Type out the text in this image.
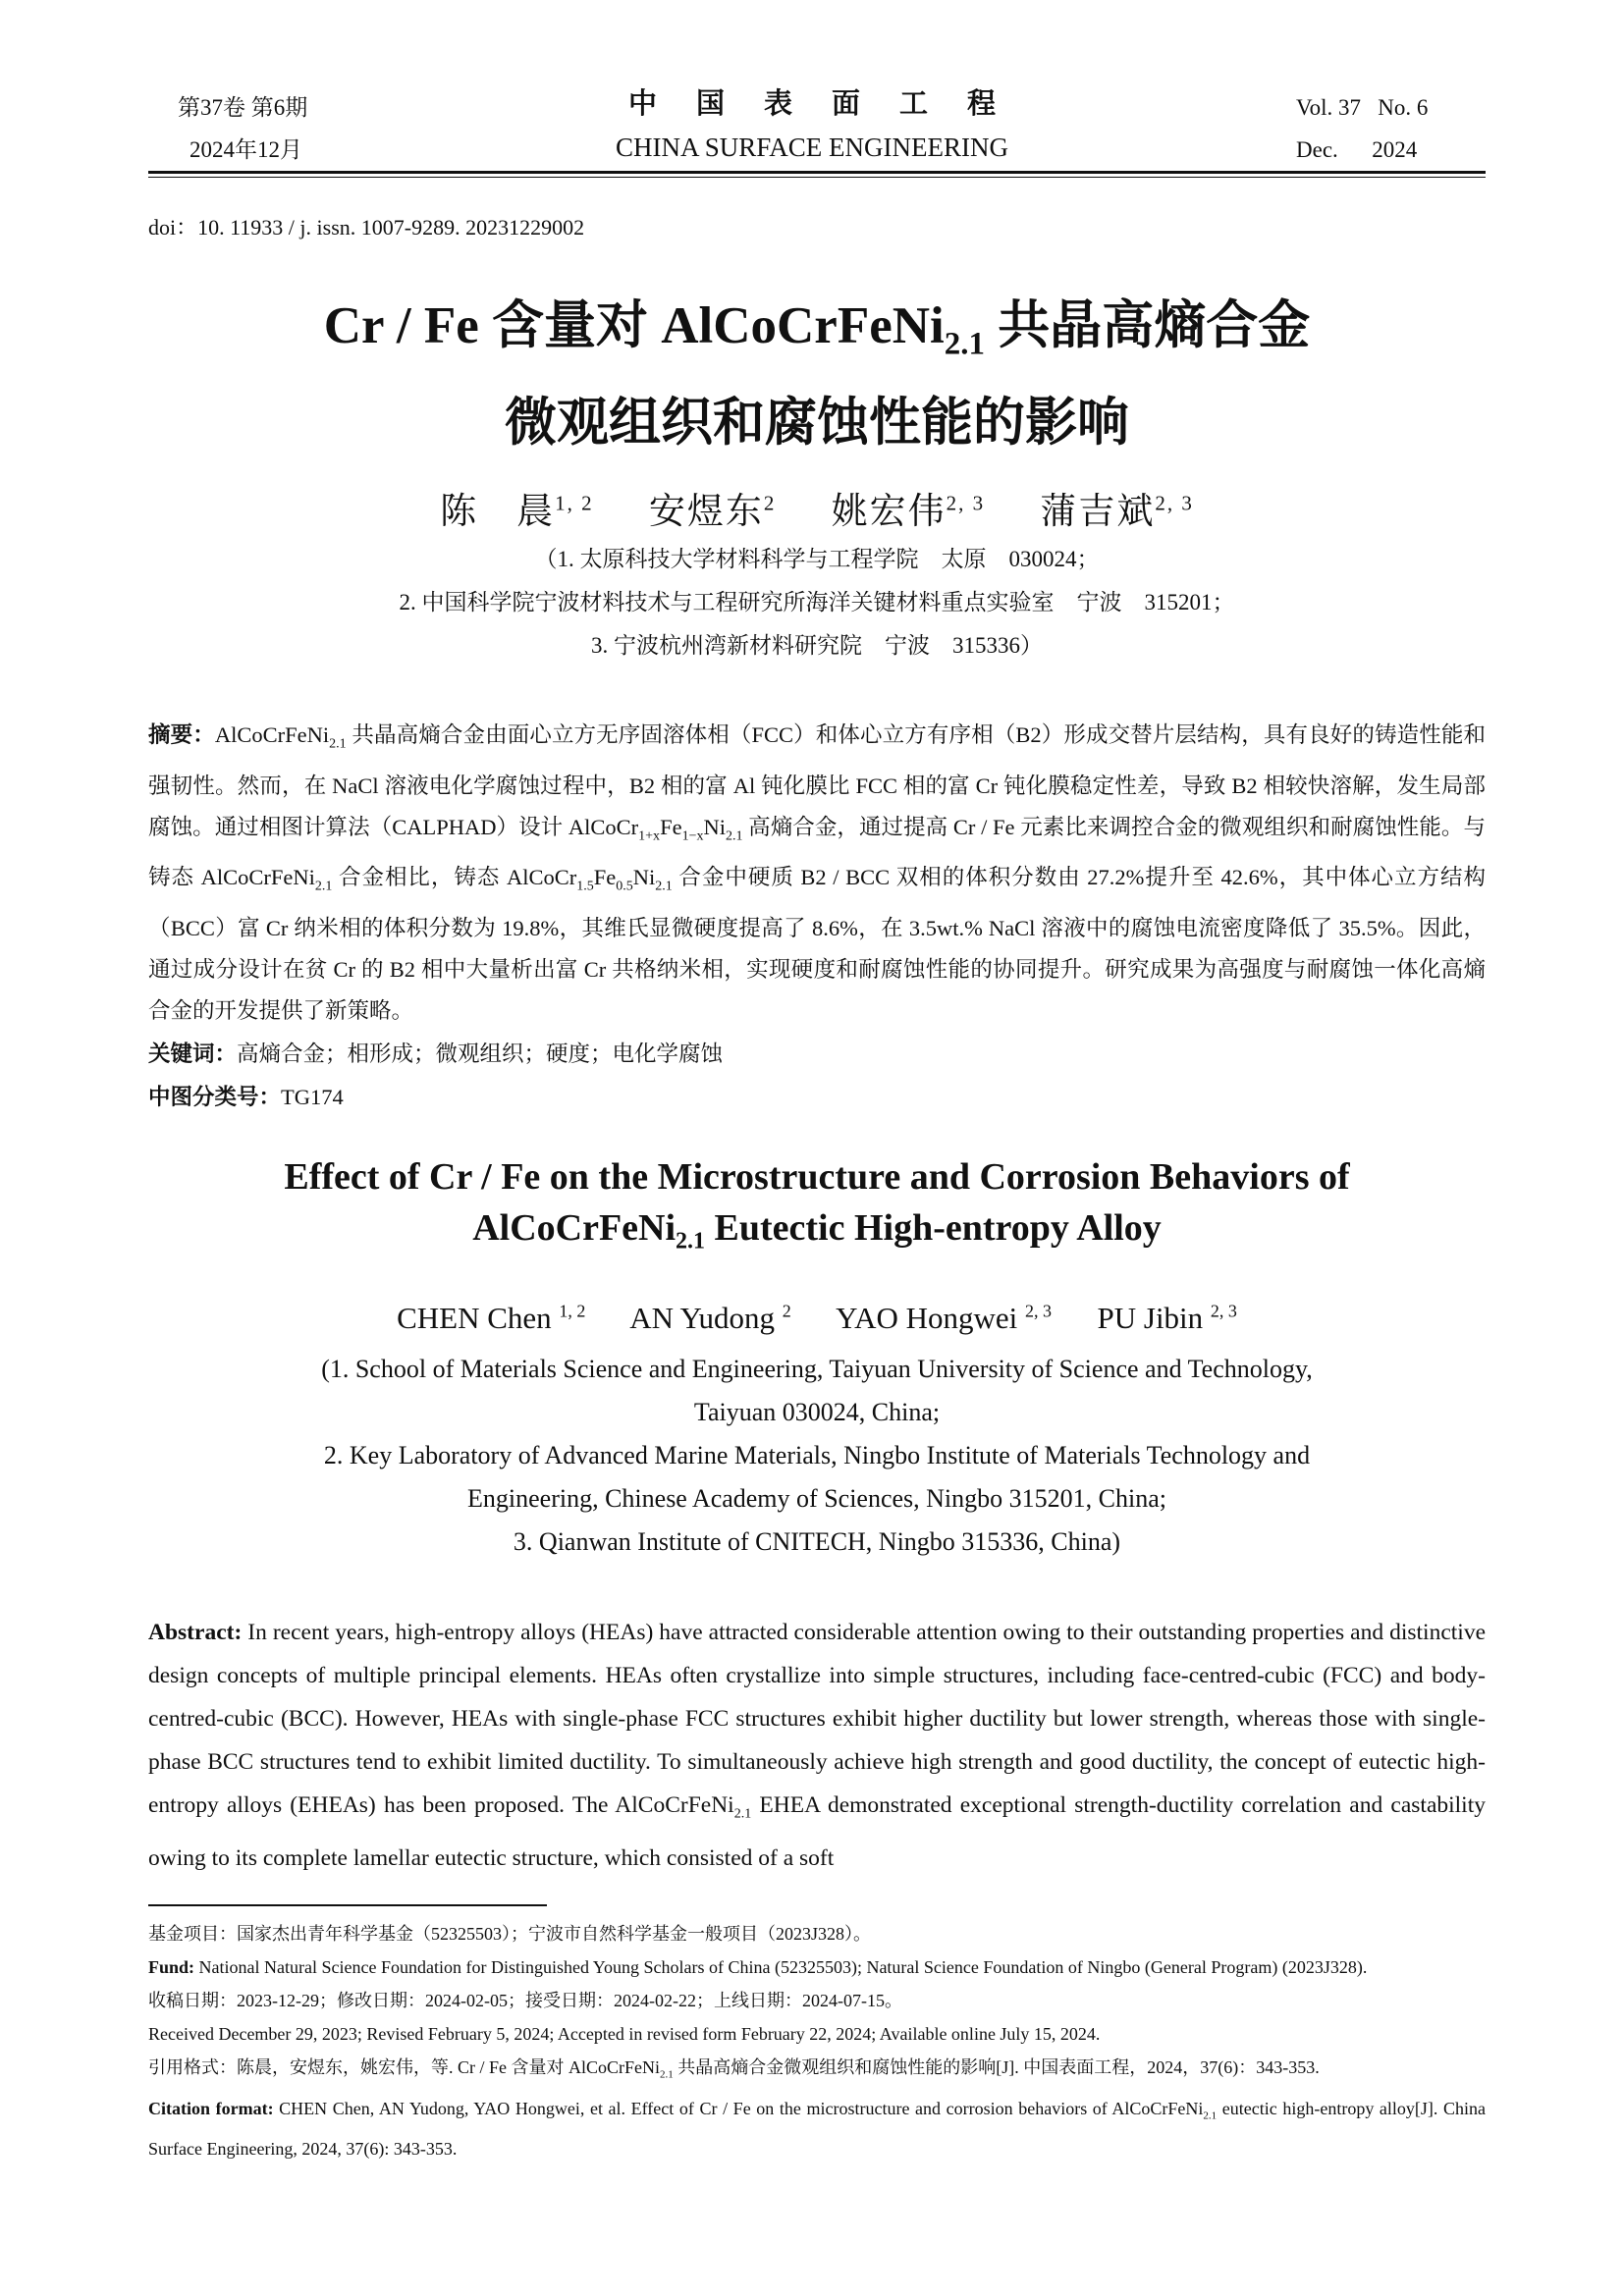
第37卷 第6期
2024年12月
中国表面工程
CHINA SURFACE ENGINEERING
Vol. 37 No. 6
Dec. 2024
doi：10. 11933 / j. issn. 1007-9289. 20231229002
Cr / Fe 含量对 AlCoCrFeNi$_{2.1}$ 共晶高熵合金
微观组织和腐蚀性能的影响
陈　晨$^{1, 2}$ 安煜东$^2$ 姚宏伟$^{2, 3}$ 蒲吉斌$^{2, 3}$
（1. 太原科技大学材料科学与工程学院　太原　030024；
2. 中国科学院宁波材料技术与工程研究所海洋关键材料重点实验室　宁波　315201；
3. 宁波杭州湾新材料研究院　宁波　315336）
摘要：AlCoCrFeNi$_{2.1}$ 共晶高熵合金由面心立方无序固溶体相（FCC）和体心立方有序相（B2）形成交替片层结构，具有良好的铸造性能和强韧性。然而，在 NaCl 溶液电化学腐蚀过程中，B2 相的富 Al 钝化膜比 FCC 相的富 Cr 钝化膜稳定性差，导致 B2 相较快溶解，发生局部腐蚀。通过相图计算法（CALPHAD）设计 $AlCoCr_{1+x}Fe_{1-x}Ni_{2.1}$ 高熵合金，通过提高 Cr / Fe 元素比来调控合金的微观组织和耐腐蚀性能。与铸态 AlCoCrFeNi$_{2.1}$ 合金相比，铸态 $AlCoCr_{1.5}Fe_{0.5}Ni_{2.1}$ 合金中硬质 B2 / BCC 双相的体积分数由 27.2%提升至 42.6%，其中体心立方结构（BCC）富 Cr 纳米相的体积分数为 19.8%，其维氏显微硬度提高了 8.6%，在 3.5wt.% NaCl 溶液中的腐蚀电流密度降低了 35.5%。因此，通过成分设计在贫 Cr 的 B2 相中大量析出富 Cr 共格纳米相，实现硬度和耐腐蚀性能的协同提升。研究成果为高强度与耐腐蚀一体化高熵合金的开发提供了新策略。
关键词：高熵合金；相形成；微观组织；硬度；电化学腐蚀
中图分类号：TG174
Effect of Cr / Fe on the Microstructure and Corrosion Behaviors of
AlCoCrFeNi$_{2.1}$ Eutectic High-entropy Alloy
CHEN Chen $^{1, 2}$ AN Yudong $^2$ YAO Hongwei $^{2, 3}$ PU Jibin $^{2, 3}$
(1. School of Materials Science and Engineering, Taiyuan University of Science and Technology,
Taiyuan 030024, China;
2. Key Laboratory of Advanced Marine Materials, Ningbo Institute of Materials Technology and
Engineering, Chinese Academy of Sciences, Ningbo 315201, China;
3. Qianwan Institute of CNITECH, Ningbo 315336, China)
Abstract: In recent years, high-entropy alloys (HEAs) have attracted considerable attention owing to their outstanding properties and distinctive design concepts of multiple principal elements. HEAs often crystallize into simple structures, including face-centred-cubic (FCC) and body-centred-cubic (BCC). However, HEAs with single-phase FCC structures exhibit higher ductility but lower strength, whereas those with single-phase BCC structures tend to exhibit limited ductility. To simultaneously achieve high strength and good ductility, the concept of eutectic high-entropy alloys (EHEAs) has been proposed. The AlCoCrFeNi$_{2.1}$ EHEA demonstrated exceptional strength-ductility correlation and castability owing to its complete lamellar eutectic structure, which consisted of a soft

基金项目：国家杰出青年科学基金（52325503）；宁波市自然科学基金一般项目（2023J328）。

Fund: National Natural Science Foundation for Distinguished Young Scholars of China (52325503); Natural Science Foundation of Ningbo (General Program) (2023J328).

收稿日期：2023-12-29；修改日期：2024-02-05；接受日期：2024-02-22；上线日期：2024-07-15。

Received December 29, 2023; Revised February 5, 2024; Accepted in revised form February 22, 2024; Available online July 15, 2024.

引用格式：陈晨，安煜东，姚宏伟，等. Cr / Fe 含量对 AlCoCrFeNi$_{2.1}$ 共晶高熵合金微观组织和腐蚀性能的影响[J]. 中国表面工程，2024，37(6)：343-353.

Citation format: CHEN Chen, AN Yudong, YAO Hongwei, et al. Effect of Cr / Fe on the microstructure and corrosion behaviors of AlCoCrFeNi$_{2.1}$ eutectic high-entropy alloy[J]. China Surface Engineering, 2024, 37(6): 343-353.
